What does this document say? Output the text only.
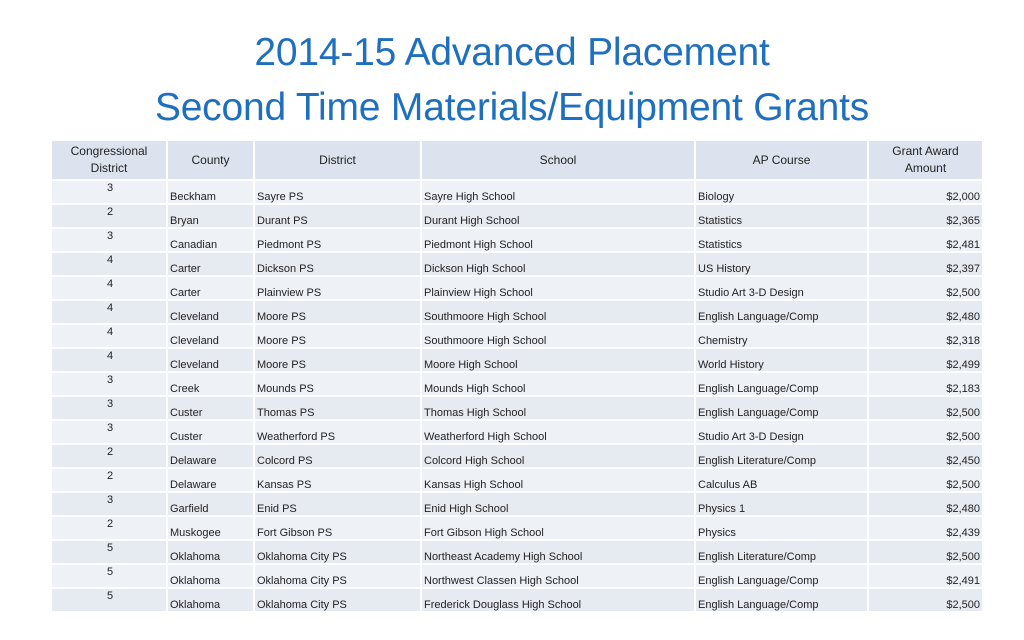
2014-15 Advanced Placement
Second Time Materials/Equipment Grants
Congressional District	County	District	School	AP Course	Grant Award Amount
3	Beckham	Sayre PS	Sayre High School	Biology	$2,000
2	Bryan	Durant PS	Durant High School	Statistics	$2,365
3	Canadian	Piedmont PS	Piedmont High School	Statistics	$2,481
4	Carter	Dickson PS	Dickson High School	US History	$2,397
4	Carter	Plainview PS	Plainview High School	Studio Art 3-D Design	$2,500
4	Cleveland	Moore PS	Southmoore High School	English Language/Comp	$2,480
4	Cleveland	Moore PS	Southmoore High School	Chemistry	$2,318
4	Cleveland	Moore PS	Moore High School	World History	$2,499
3	Creek	Mounds PS	Mounds High School	English Language/Comp	$2,183
3	Custer	Thomas PS	Thomas High School	English Language/Comp	$2,500
3	Custer	Weatherford PS	Weatherford High School	Studio Art 3-D Design	$2,500
2	Delaware	Colcord PS	Colcord High School	English Literature/Comp	$2,450
2	Delaware	Kansas PS	Kansas High School	Calculus AB	$2,500
3	Garfield	Enid PS	Enid High School	Physics 1	$2,480
2	Muskogee	Fort Gibson PS	Fort Gibson High School	Physics	$2,439
5	Oklahoma	Oklahoma City PS	Northeast Academy High School	English Literature/Comp	$2,500
5	Oklahoma	Oklahoma City PS	Northwest Classen High School	English Language/Comp	$2,491
5	Oklahoma	Oklahoma City PS	Frederick Douglass High School	English Language/Comp	$2,500
